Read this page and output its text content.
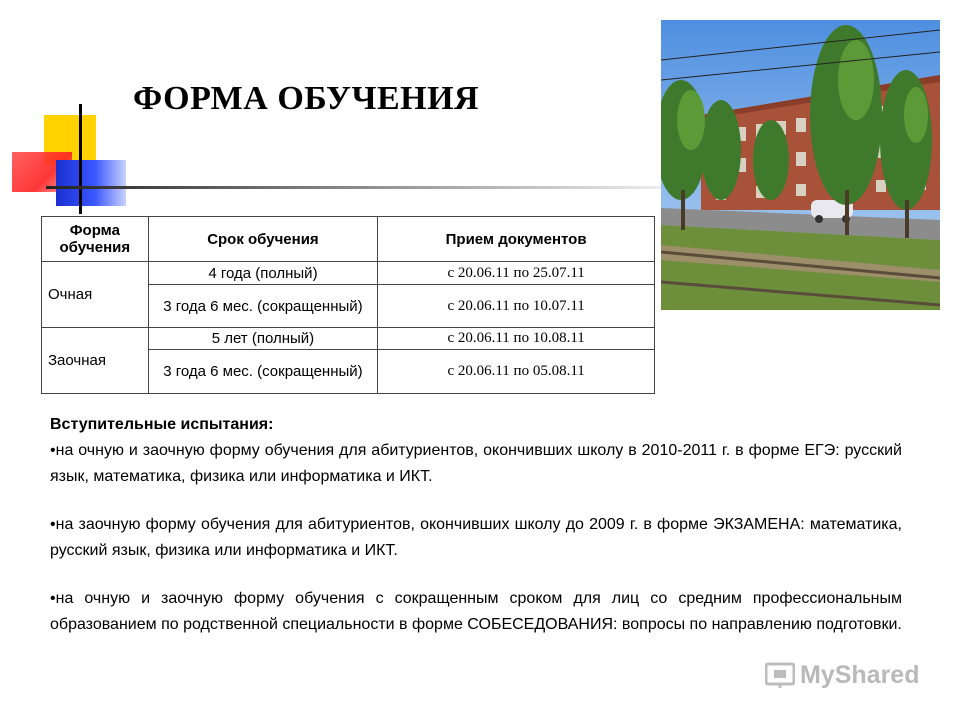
ФОРМА ОБУЧЕНИЯ
Форма обучения	Срок обучения	Прием документов
Очная	4 года (полный)	с 20.06.11 по 25.07.11
	3 года 6 мес. (сокращенный)	с 20.06.11 по 10.07.11
Заочная	5 лет (полный)	с 20.06.11 по 10.08.11
	3 года 6 мес. (сокращенный)	с 20.06.11 по 05.08.11

Вступительные испытания:

•на очную и заочную форму обучения для абитуриентов, окончивших школу в 2010-2011 г. в форме ЕГЭ: русский язык, математика, физика или информатика и ИКТ.

•на заочную форму обучения для абитуриентов, окончивших школу до 2009 г. в форме ЭКЗАМЕНА: математика, русский язык, физика или информатика и ИКТ.

•на очную и заочную форму обучения с сокращенным сроком для лиц со средним профессиональным образованием по родственной специальности в форме СОБЕСЕДОВАНИЯ: вопросы по направлению подготовки.

MyShared
